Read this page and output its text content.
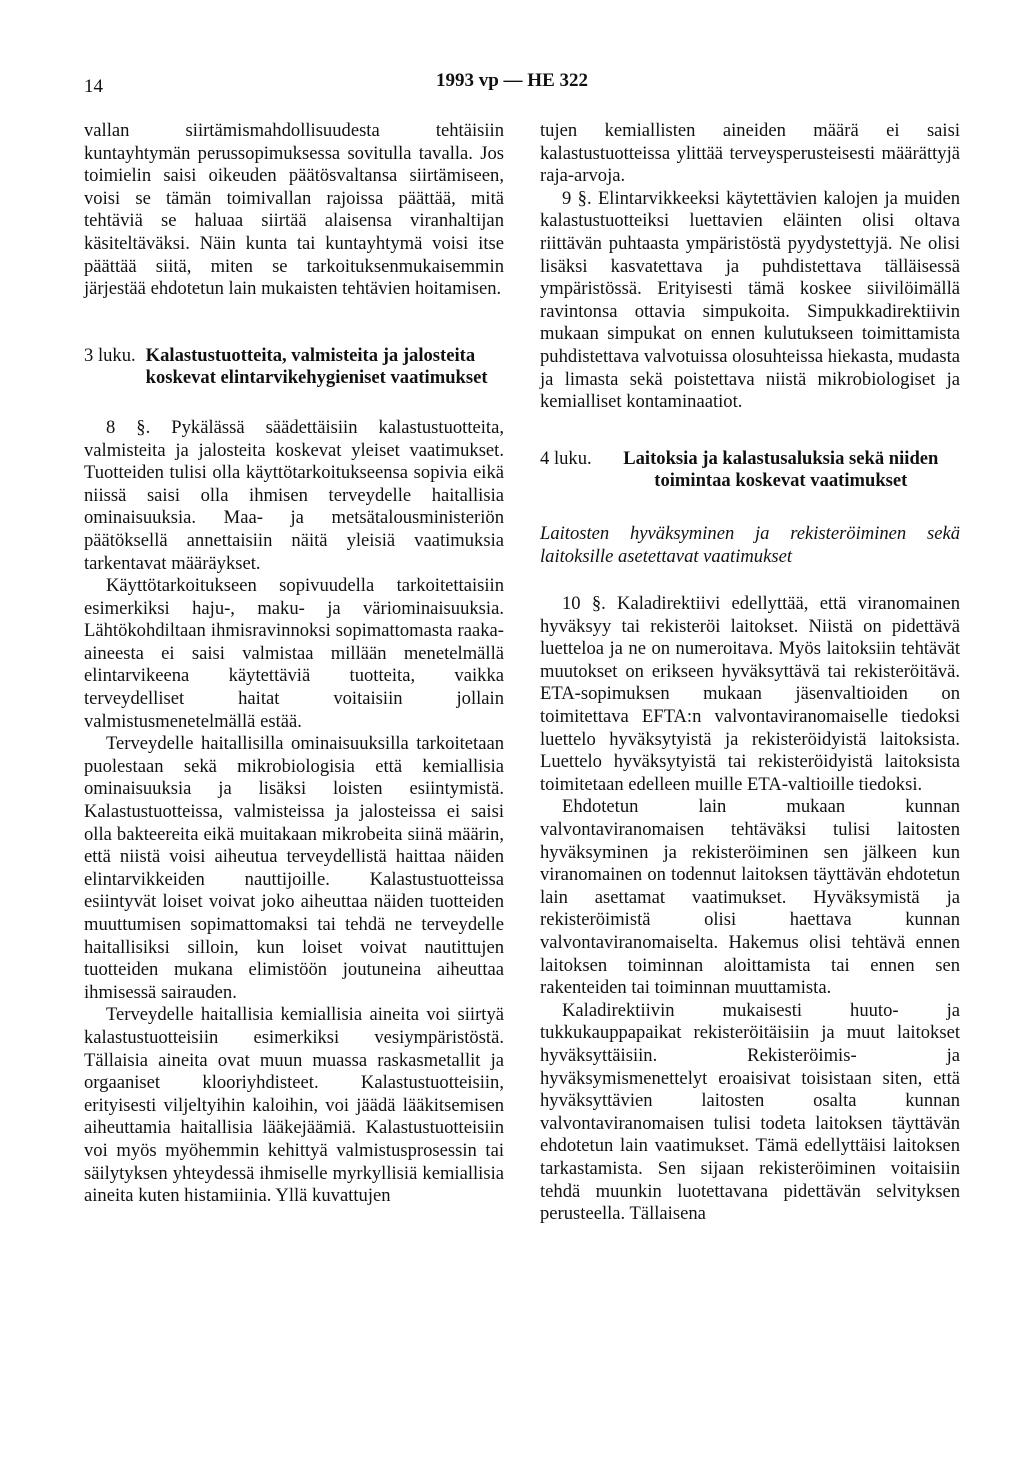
14	1993 vp — HE 322

vallan siirtämismahdollisuudesta tehtäisiin kuntayhtymän perussopimuksessa sovitulla tavalla. Jos toimielin saisi oikeuden päätösvaltansa siirtämiseen, voisi se tämän toimivallan rajoissa päättää, mitä tehtäviä se haluaa siirtää alaisensa viranhaltijan käsiteltäväksi. Näin kunta tai kuntayhtymä voisi itse päättää siitä, miten se tarkoituksenmukaisemmin järjestää ehdotetun lain mukaisten tehtävien hoitamisen.

3 luku. Kalastustuotteita, valmisteita ja jalosteita koskevat elintarvikehygieniset vaatimukset

8 §. Pykälässä säädettäisiin kalastustuotteita, valmisteita ja jalosteita koskevat yleiset vaatimukset. Tuotteiden tulisi olla käyttötarkoitukseensa sopivia eikä niissä saisi olla ihmisen terveydelle haitallisia ominaisuuksia. Maa- ja metsätalousministeriön päätöksellä annettaisiin näitä yleisiä vaatimuksia tarkentavat määräykset.

Käyttötarkoitukseen sopivuudella tarkoitettaisiin esimerkiksi haju-, maku- ja väriominaisuuksia. Lähtökohdiltaan ihmisravinnoksi sopimattomasta raaka-aineesta ei saisi valmistaa millään menetelmällä elintarvikeena käytettäviä tuotteita, vaikka terveydelliset haitat voitaisiin jollain valmistusmenetelmällä estää.

Terveydelle haitallisilla ominaisuuksilla tarkoitetaan puolestaan sekä mikrobiologisia että kemiallisia ominaisuuksia ja lisäksi loisten esiintymistä. Kalastustuotteissa, valmisteissa ja jalosteissa ei saisi olla bakteereita eikä muitakaan mikrobeita siinä määrin, että niistä voisi aiheutua terveydellistä haittaa näiden elintarvikkeiden nauttijoille. Kalastustuotteissa esiintyvät loiset voivat joko aiheuttaa näiden tuotteiden muuttumisen sopimattomaksi tai tehdä ne terveydelle haitallisiksi silloin, kun loiset voivat nautittujen tuotteiden mukana elimistöön joutuneina aiheuttaa ihmisessä sairauden.

Terveydelle haitallisia kemiallisia aineita voi siirtyä kalastustuotteisiin esimerkiksi vesiympäristöstä. Tällaisia aineita ovat muun muassa raskasmetallit ja orgaaniset klooriyhdisteet. Kalastustuotteisiin, erityisesti viljeltyihin kaloihin, voi jäädä lääkitsemisen aiheuttamia haitallisia lääkejäämiä. Kalastustuotteisiin voi myös myöhemmin kehittyä valmistusprosessin tai säilytyksen yhteydessä ihmiselle myrkyllisiä kemiallisia aineita kuten histamiinia. Yllä kuvattujen

tujen kemiallisten aineiden määrä ei saisi kalastustuotteissa ylittää terveysperusteisesti määrättyjä raja-arvoja.

9 §. Elintarvikkeeksi käytettävien kalojen ja muiden kalastustuotteiksi luettavien eläinten olisi oltava riittävän puhtaasta ympäristöstä pyydystettyjä. Ne olisi lisäksi kasvatettava ja puhdistettava tälläisessä ympäristössä. Erityisesti tämä koskee siivilöimällä ravintonsa ottavia simpukoita. Simpukkadirektiivin mukaan simpukat on ennen kulutukseen toimittamista puhdistettava valvotuissa olosuhteissa hiekasta, mudasta ja limasta sekä poistettava niistä mikrobiologiset ja kemialliset kontaminaatiot.

4 luku.	Laitoksia ja kalastusaluksia sekä niiden toimintaa koskevat vaatimukset

Laitosten hyväksyminen ja rekisteröiminen sekä laitoksille asetettavat vaatimukset

10 §. Kaladirektiivi edellyttää, että viranomainen hyväksyy tai rekisteröi laitokset. Niistä on pidettävä luetteloa ja ne on numeroitava. Myös laitoksiin tehtävät muutokset on erikseen hyväksyttävä tai rekisteröitävä. ETA-sopimuksen mukaan jäsenvaltioiden on toimitettava EFTA:n valvontaviranomaiselle tiedoksi luettelo hyväksytyistä ja rekisteröidyistä laitoksista. Luettelo hyväksytyistä tai rekisteröidyistä laitoksista toimitetaan edelleen muille ETA-valtioille tiedoksi.

Ehdotetun lain mukaan kunnan valvontaviranomaisen tehtäväksi tulisi laitosten hyväksyminen ja rekisteröiminen sen jälkeen kun viranomainen on todennut laitoksen täyttävän ehdotetun lain asettamat vaatimukset. Hyväksymistä ja rekisteröimistä olisi haettava kunnan valvontaviranomaiselta. Hakemus olisi tehtävä ennen laitoksen toiminnan aloittamista tai ennen sen rakenteiden tai toiminnan muuttamista.

Kaladirektiivin mukaisesti huuto- ja tukkukauppapaikat rekisteröitäisiin ja muut laitokset hyväksyttäisiin. Rekisteröimis- ja hyväksymismenettelyt eroaisivat toisistaan siten, että hyväksyttävien laitosten osalta kunnan valvontaviranomaisen tulisi todeta laitoksen täyttävän ehdotetun lain vaatimukset. Tämä edellyttäisi laitoksen tarkastamista. Sen sijaan rekisteröiminen voitaisiin tehdä muunkin luotettavana pidettävän selvityksen perusteella. Tällaisena
